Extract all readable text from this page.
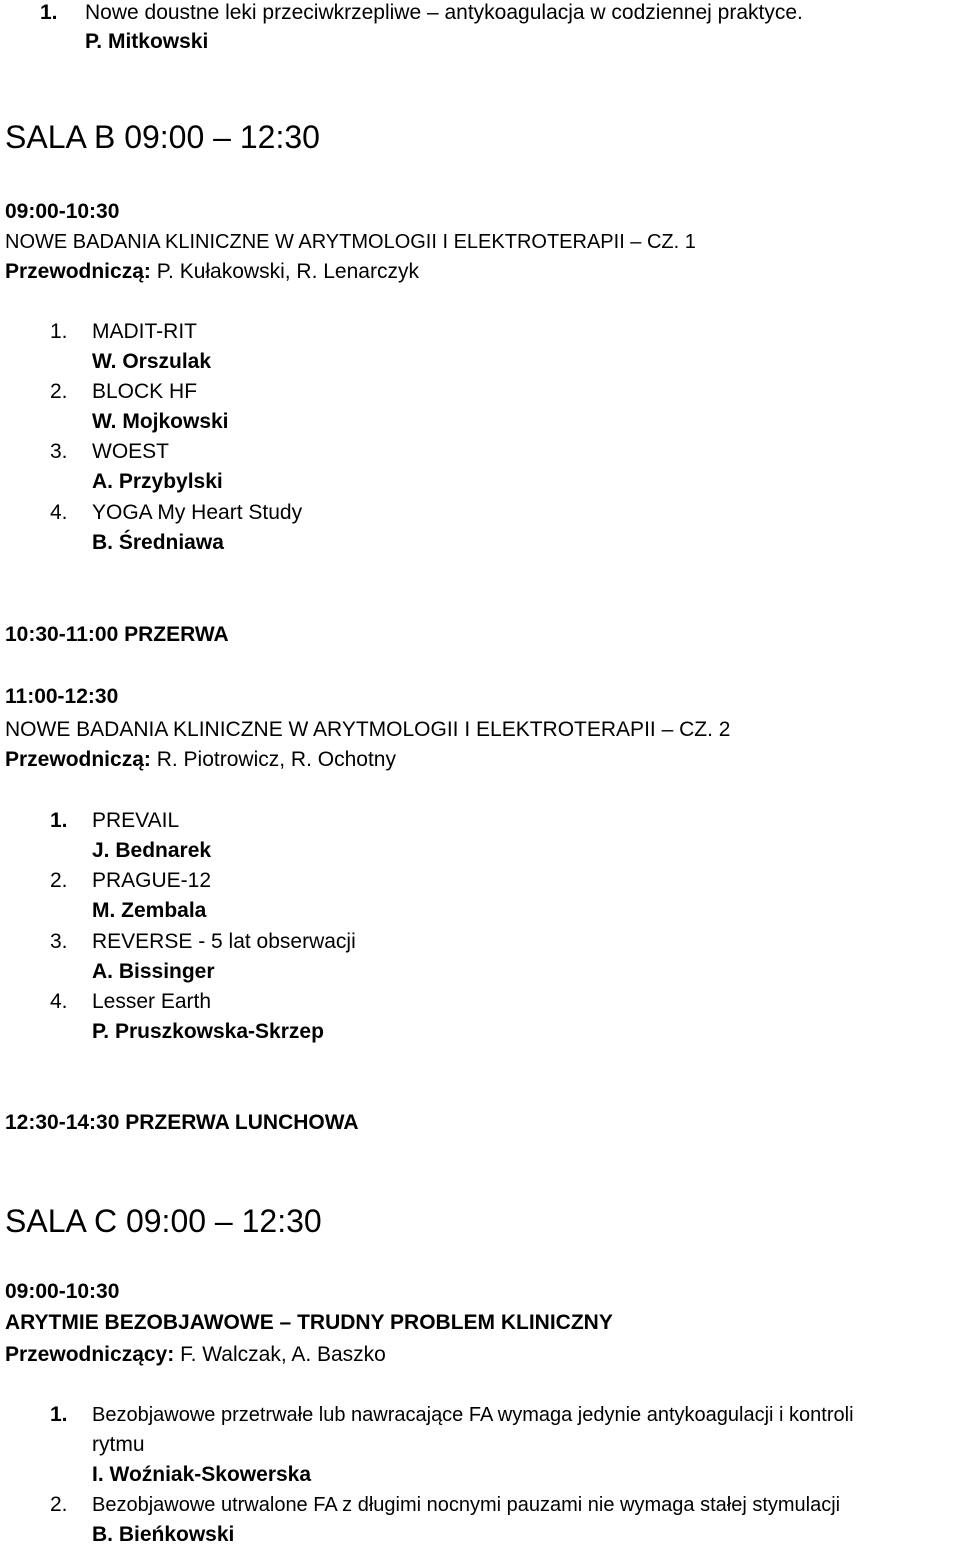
1. Nowe doustne leki przeciwkrzepliwe – antykoagulacja w codziennej praktyce.
P. Mitkowski
SALA B 09:00 – 12:30
09:00-10:30
NOWE BADANIA KLINICZNE W ARYTMOLOGII I ELEKTROTERAPII – CZ. 1
Przewodniczą: P. Kułakowski, R. Lenarczyk
1. MADIT-RIT
W. Orszulak
2. BLOCK HF
W. Mojkowski
3. WOEST
A. Przybylski
4. YOGA My Heart Study
B. Średniawa
10:30-11:00 PRZERWA
11:00-12:30
NOWE BADANIA KLINICZNE W ARYTMOLOGII I ELEKTROTERAPII – CZ. 2
Przewodniczą: R. Piotrowicz, R. Ochotny
1. PREVAIL
J. Bednarek
2. PRAGUE-12
M. Zembala
3. REVERSE - 5 lat obserwacji
A. Bissinger
4. Lesser Earth
P. Pruszkowska-Skrzep
12:30-14:30 PRZERWA LUNCHOWA
SALA C 09:00 – 12:30
09:00-10:30
ARYTMIE BEZOBJAWOWE – TRUDNY PROBLEM KLINICZNY
Przewodniczący: F. Walczak, A. Baszko
1. Bezobjawowe przetrwałe lub nawracające FA wymaga jedynie antykoagulacji i kontroli
rytmu
I. Woźniak-Skowerska
2. Bezobjawowe utrwalone FA z długimi nocnymi pauzami nie wymaga stałej stymulacji
B. Bieńkowski
